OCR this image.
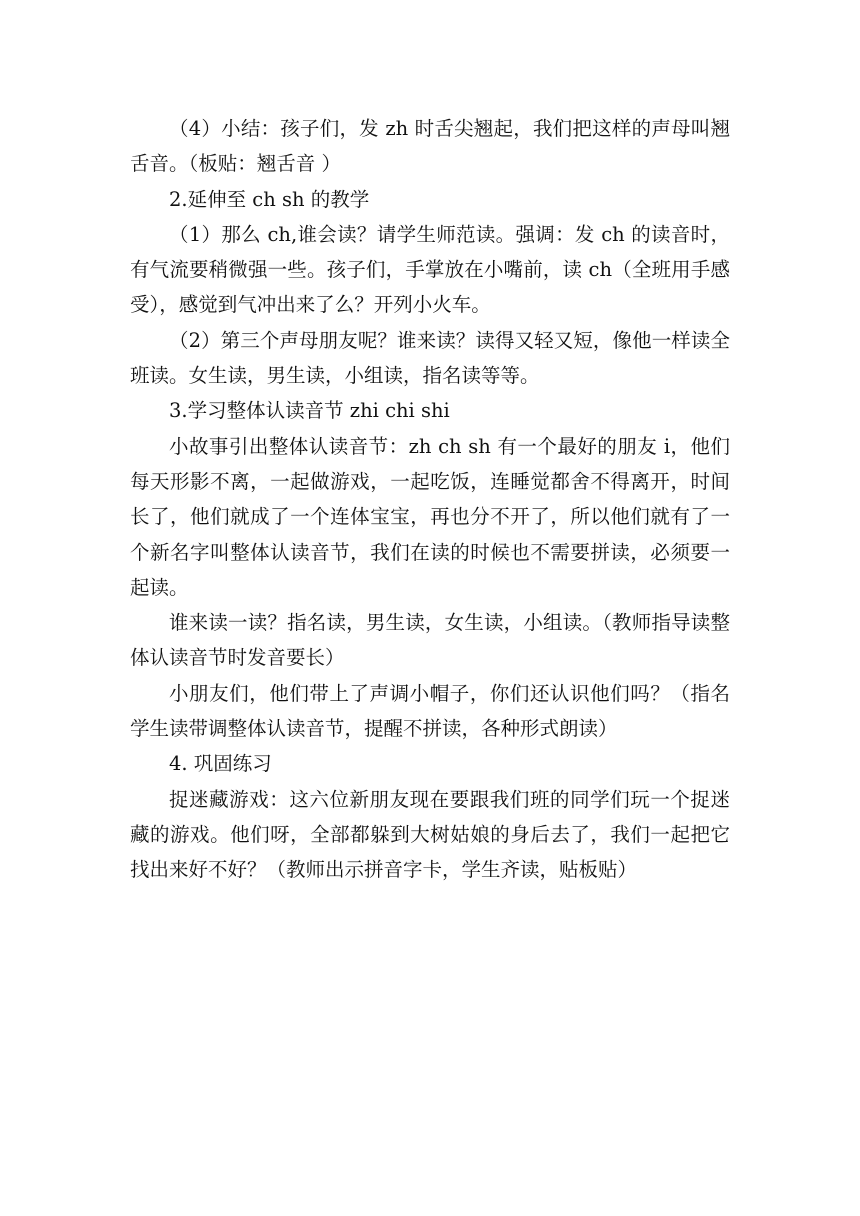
（4）小结：孩子们，发 zh 时舌尖翘起，我们把这样的声母叫翘舌音。（板贴：翘舌音 ）

2.延伸至 ch sh 的教学

（1）那么 ch,谁会读？请学生师范读。强调：发 ch 的读音时，有气流要稍微强一些。孩子们，手掌放在小嘴前，读 ch（全班用手感受），感觉到气冲出来了么？开列小火车。

（2）第三个声母朋友呢？谁来读？读得又轻又短，像他一样读全班读。女生读，男生读，小组读，指名读等等。

3.学习整体认读音节 zhi chi shi

小故事引出整体认读音节：zh ch sh 有一个最好的朋友 i，他们每天形影不离，一起做游戏，一起吃饭，连睡觉都舍不得离开，时间长了，他们就成了一个连体宝宝，再也分不开了，所以他们就有了一个新名字叫整体认读音节，我们在读的时候也不需要拼读，必须要一起读。

谁来读一读？指名读，男生读，女生读，小组读。（教师指导读整体认读音节时发音要长）

小朋友们，他们带上了声调小帽子，你们还认识他们吗？（指名学生读带调整体认读音节，提醒不拼读，各种形式朗读）

4. 巩固练习

捉迷藏游戏：这六位新朋友现在要跟我们班的同学们玩一个捉迷藏的游戏。他们呀，全部都躲到大树姑娘的身后去了，我们一起把它找出来好不好？（教师出示拼音字卡，学生齐读，贴板贴）
